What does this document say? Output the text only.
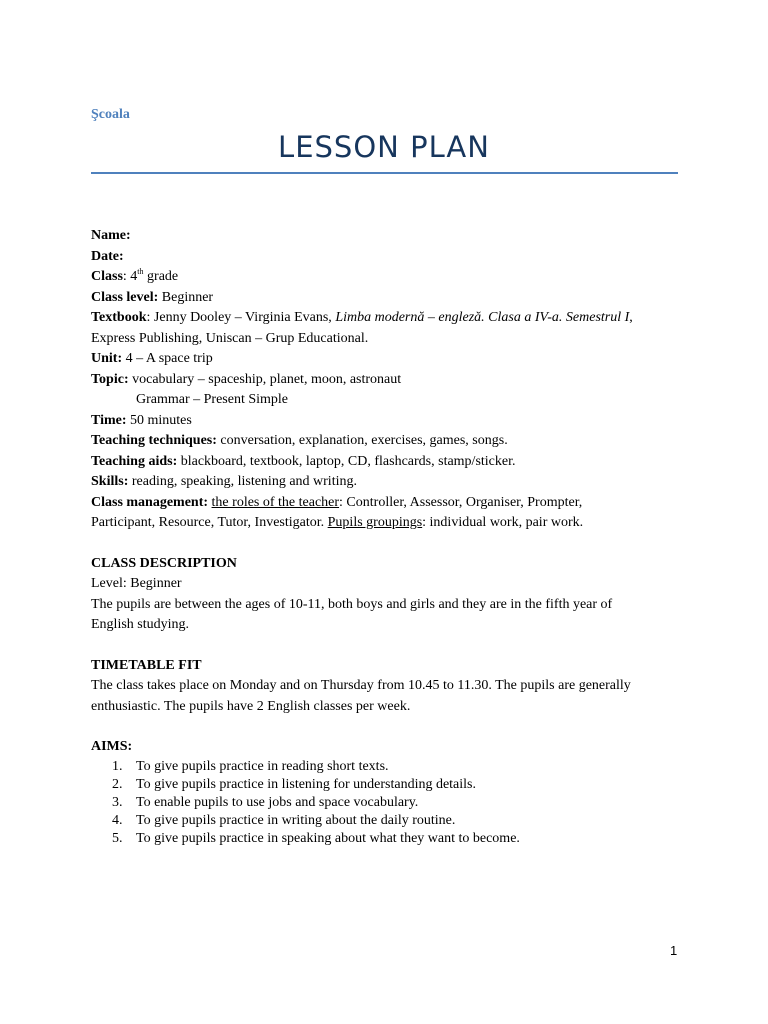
Şcoala
LESSON PLAN
Name:
Date:
Class: 4th grade
Class level: Beginner
Textbook: Jenny Dooley – Virginia Evans, Limba modernă – engleză. Clasa a IV-a. Semestrul I,
Express Publishing, Uniscan – Grup Educational.
Unit: 4 – A space trip
Topic: vocabulary – spaceship, planet, moon, astronaut
Grammar – Present Simple
Time: 50 minutes
Teaching techniques: conversation, explanation, exercises, games, songs.
Teaching aids: blackboard, textbook, laptop, CD, flashcards, stamp/sticker.
Skills: reading, speaking, listening and writing.
Class management: the roles of the teacher: Controller, Assessor, Organiser, Prompter,
Participant, Resource, Tutor, Investigator. Pupils groupings: individual work, pair work.
CLASS DESCRIPTION
Level: Beginner
The pupils are between the ages of 10-11, both boys and girls and they are in the fifth year of
English studying.
TIMETABLE FIT
The class takes place on Monday and on Thursday from 10.45 to 11.30. The pupils are generally
enthusiastic. The pupils have 2 English classes per week.
AIMS:
1. To give pupils practice in reading short texts.
2. To give pupils practice in listening for understanding details.
3. To enable pupils to use jobs and space vocabulary.
4. To give pupils practice in writing about the daily routine.
5. To give pupils practice in speaking about what they want to become.
1
